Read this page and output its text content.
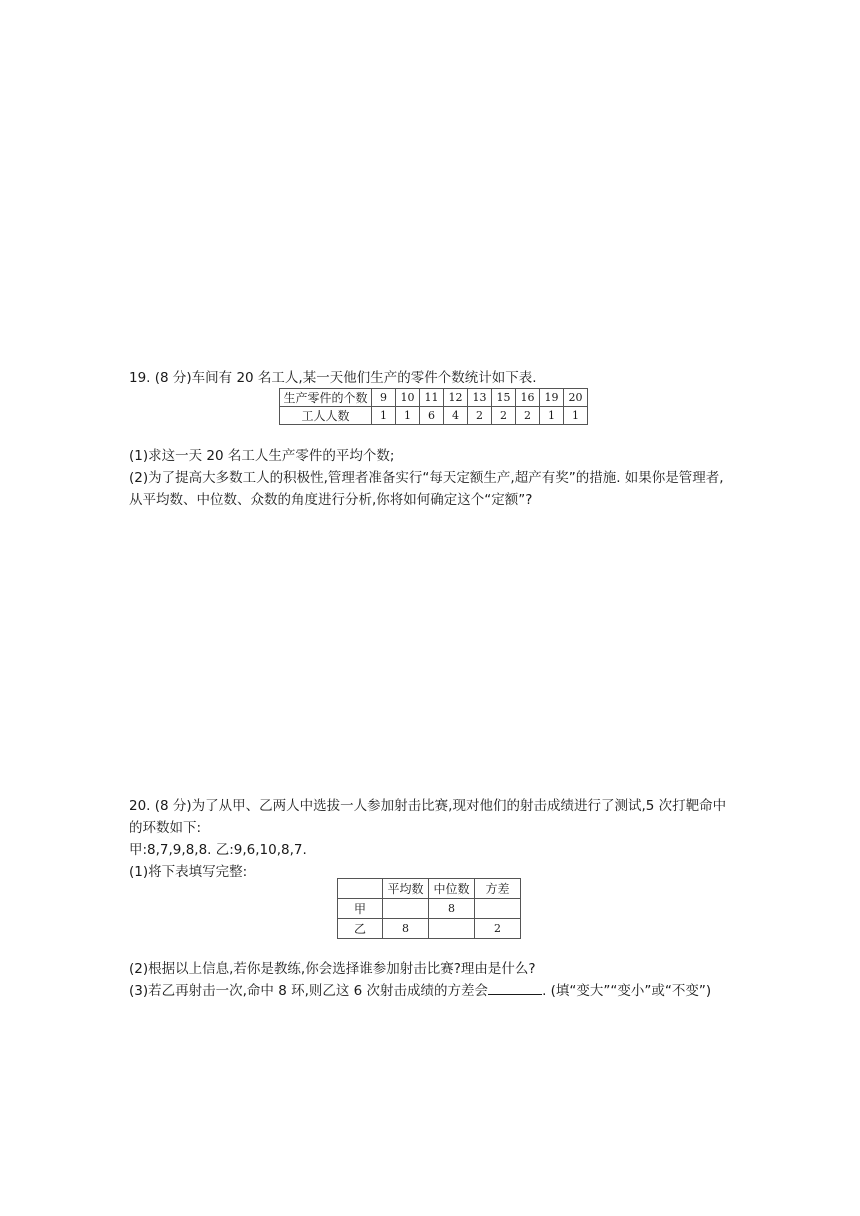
19. (8 分)车间有 20 名工人,某一天他们生产的零件个数统计如下表.

生产零件的个数	9	10	11	12	13	15	16	19	20
工人人数	1	1	6	4	2	2	2	1	1

(1)求这一天 20 名工人生产零件的平均个数;

(2)为了提高大多数工人的积极性,管理者准备实行“每天定额生产,超产有奖”的措施. 如果你是管理者,从平均数、中位数、众数的角度进行分析,你将如何确定这个“定额”?

20. (8 分)为了从甲、乙两人中选拔一人参加射击比赛,现对他们的射击成绩进行了测试,5 次打靶命中的环数如下:

甲:8,7,9,8,8. 乙:9,6,10,8,7.

(1)将下表填写完整:

	平均数	中位数	方差
甲		8	
乙	8		2

(2)根据以上信息,若你是教练,你会选择谁参加射击比赛?理由是什么?

(3)若乙再射击一次,命中 8 环,则乙这 6 次射击成绩的方差会	. (填“变大”“变小”或“不变”)
